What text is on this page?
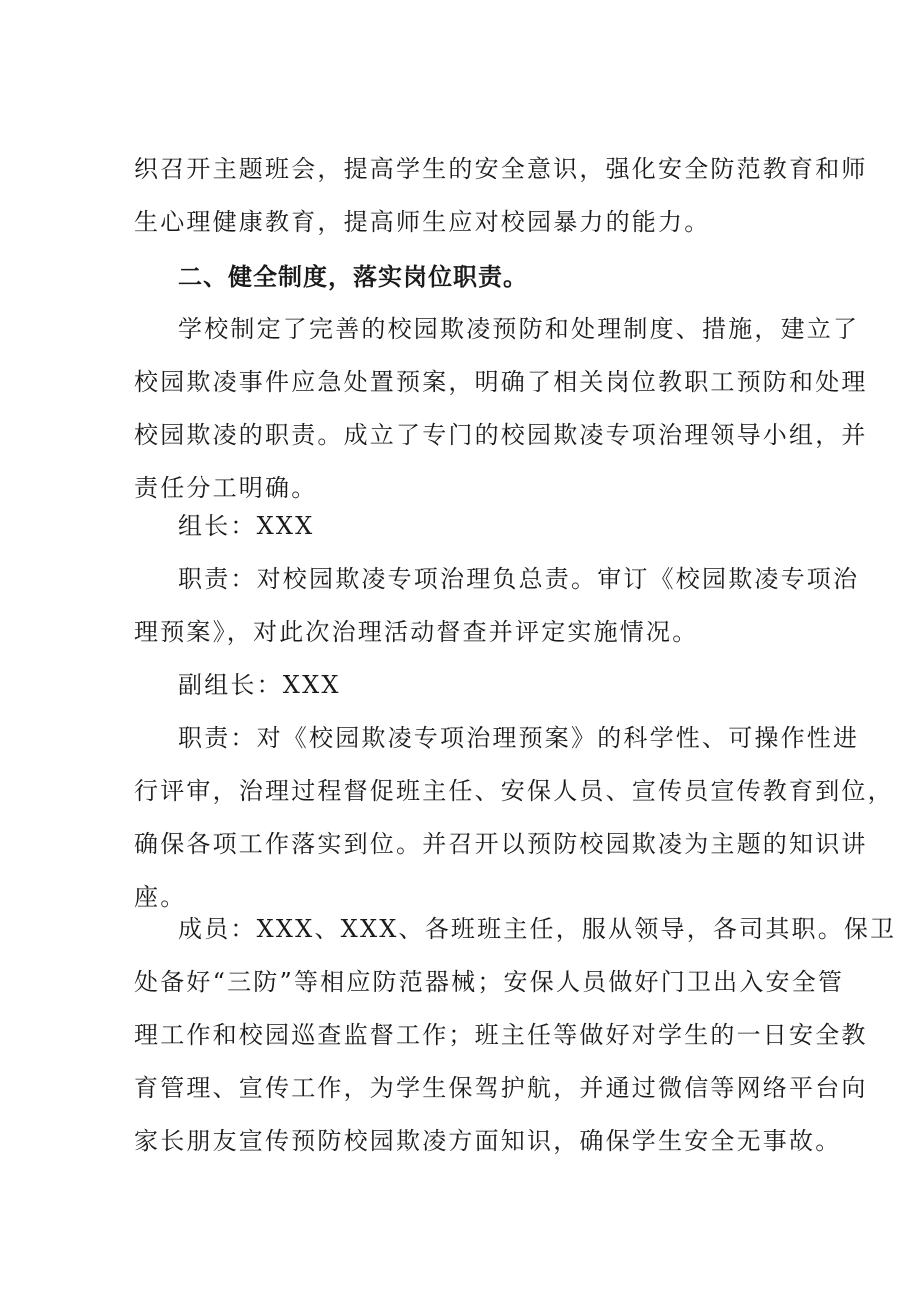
织召开主题班会，提高学生的安全意识，强化安全防范教育和师
生心理健康教育，提高师生应对校园暴力的能力。
二、健全制度，落实岗位职责。
学校制定了完善的校园欺凌预防和处理制度、措施，建立了
校园欺凌事件应急处置预案，明确了相关岗位教职工预防和处理
校园欺凌的职责。成立了专门的校园欺凌专项治理领导小组，并
责任分工明确。
组长：XXX
职责：对校园欺凌专项治理负总责。审订《校园欺凌专项治
理预案》，对此次治理活动督查并评定实施情况。
副组长：XXX
职责：对《校园欺凌专项治理预案》的科学性、可操作性进
行评审，治理过程督促班主任、安保人员、宣传员宣传教育到位，
确保各项工作落实到位。并召开以预防校园欺凌为主题的知识讲
座。
成员：XXX、XXX、各班班主任，服从领导，各司其职。保卫
处备好“三防”等相应防范器械；安保人员做好门卫出入安全管
理工作和校园巡查监督工作；班主任等做好对学生的一日安全教
育管理、宣传工作，为学生保驾护航，并通过微信等网络平台向
家长朋友宣传预防校园欺凌方面知识，确保学生安全无事故。
